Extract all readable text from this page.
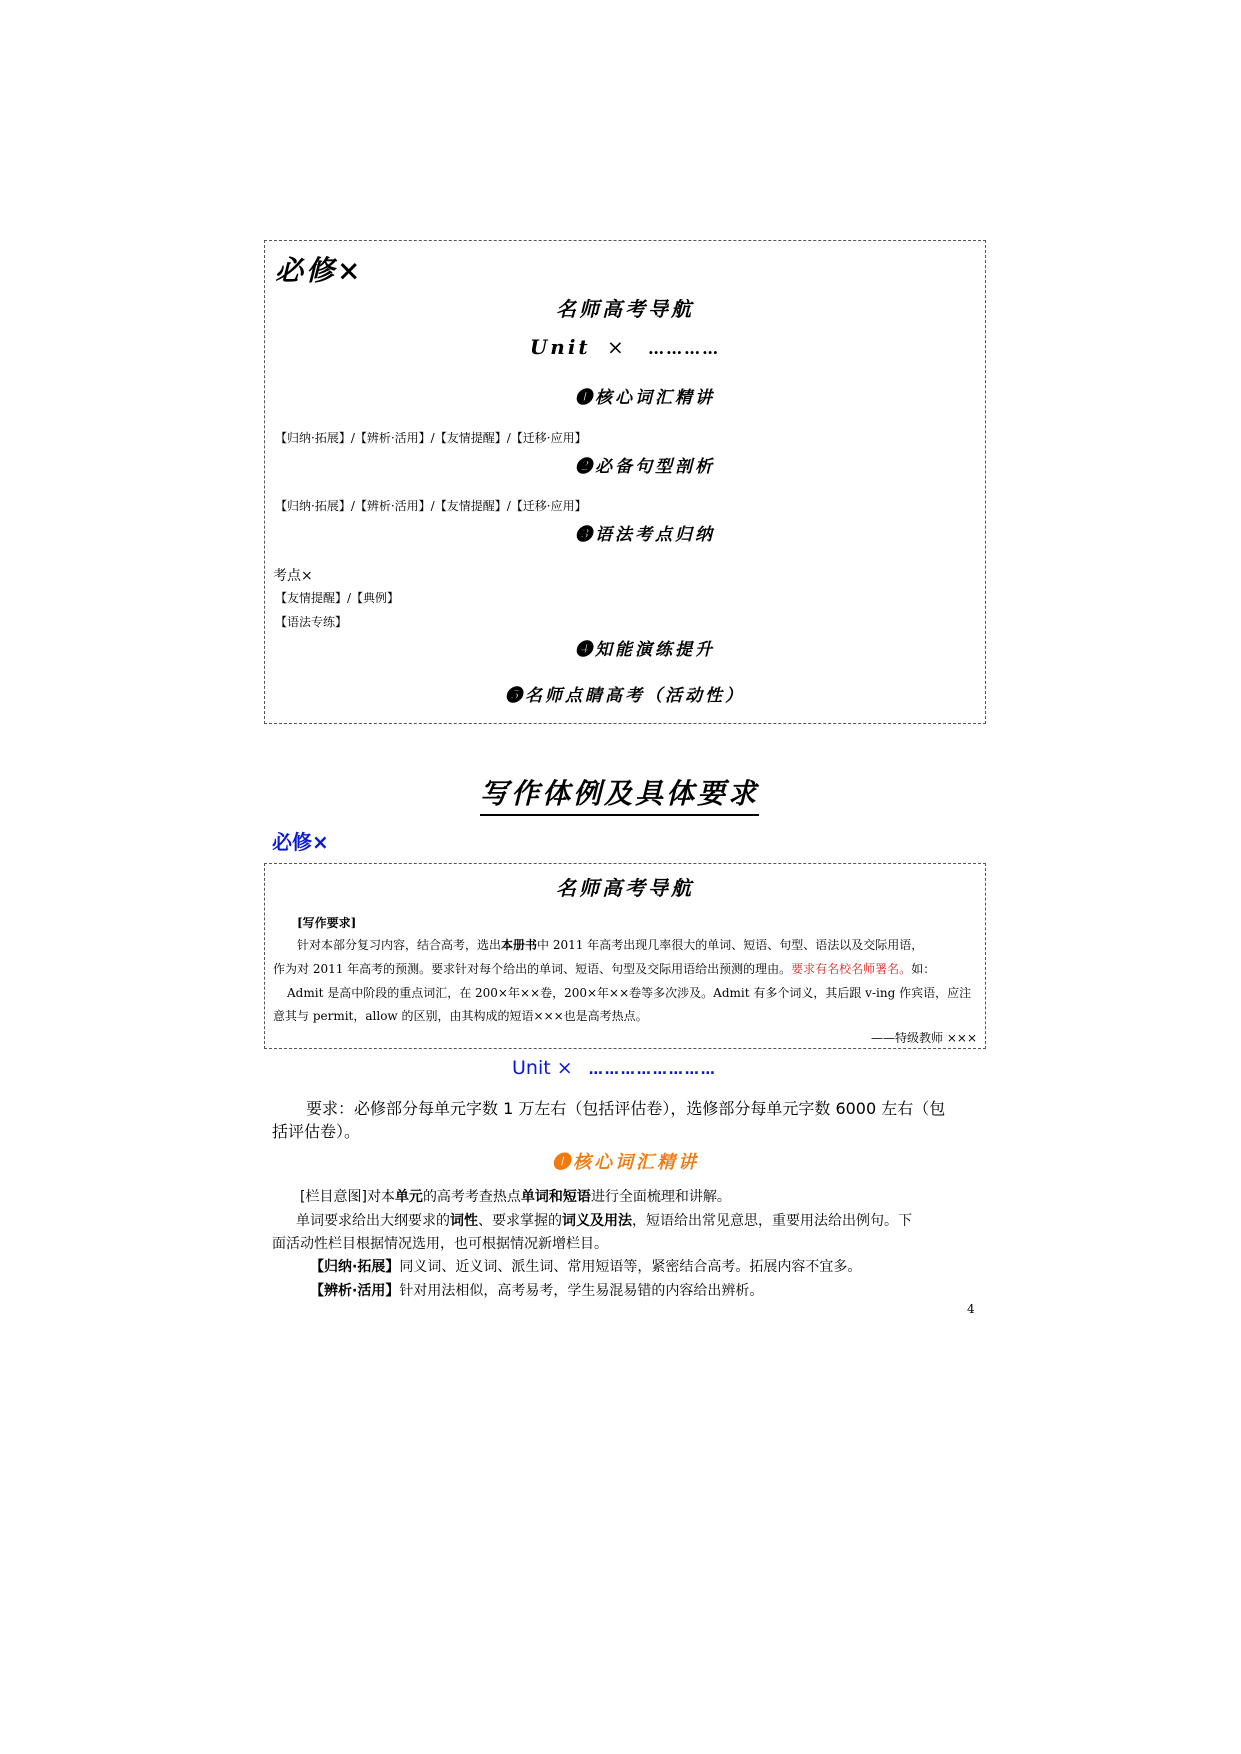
必修×
名师高考导航
Unit × …………
❶核心词汇精讲
【归纳·拓展】/【辨析·活用】/【友情提醒】/【迁移·应用】
❷必备句型剖析
【归纳·拓展】/【辨析·活用】/【友情提醒】/【迁移·应用】
❸语法考点归纳
考点×
【友情提醒】/【典例】
【语法专练】
❹知能演练提升
❺名师点睛高考（活动性）
写作体例及具体要求
必修×
名师高考导航
[写作要求]
针对本部分复习内容，结合高考，选出本册书中 2011 年高考出现几率很大的单词、短语、句型、语法以及交际用语，
作为对 2011 年高考的预测。要求针对每个给出的单词、短语、句型及交际用语给出预测的理由。要求有名校名师署名。如：
Admit 是高中阶段的重点词汇，在 200×年××卷，200×年××卷等多次涉及。Admit 有多个词义，其后跟 v-ing 作宾语，应注
意其与 permit，allow 的区别，由其构成的短语×××也是高考热点。
——特级教师 ×××
Unit × ……………………
要求：必修部分每单元字数 1 万左右（包括评估卷），选修部分每单元字数 6000 左右（包
括评估卷）。
❶核心词汇精讲
[栏目意图]对本单元的高考考查热点单词和短语进行全面梳理和讲解。
单词要求给出大纲要求的词性、要求掌握的词义及用法，短语给出常见意思，重要用法给出例句。下
面活动性栏目根据情况选用，也可根据情况新增栏目。
【归纳·拓展】同义词、近义词、派生词、常用短语等，紧密结合高考。拓展内容不宜多。
【辨析·活用】针对用法相似，高考易考，学生易混易错的内容给出辨析。
4
